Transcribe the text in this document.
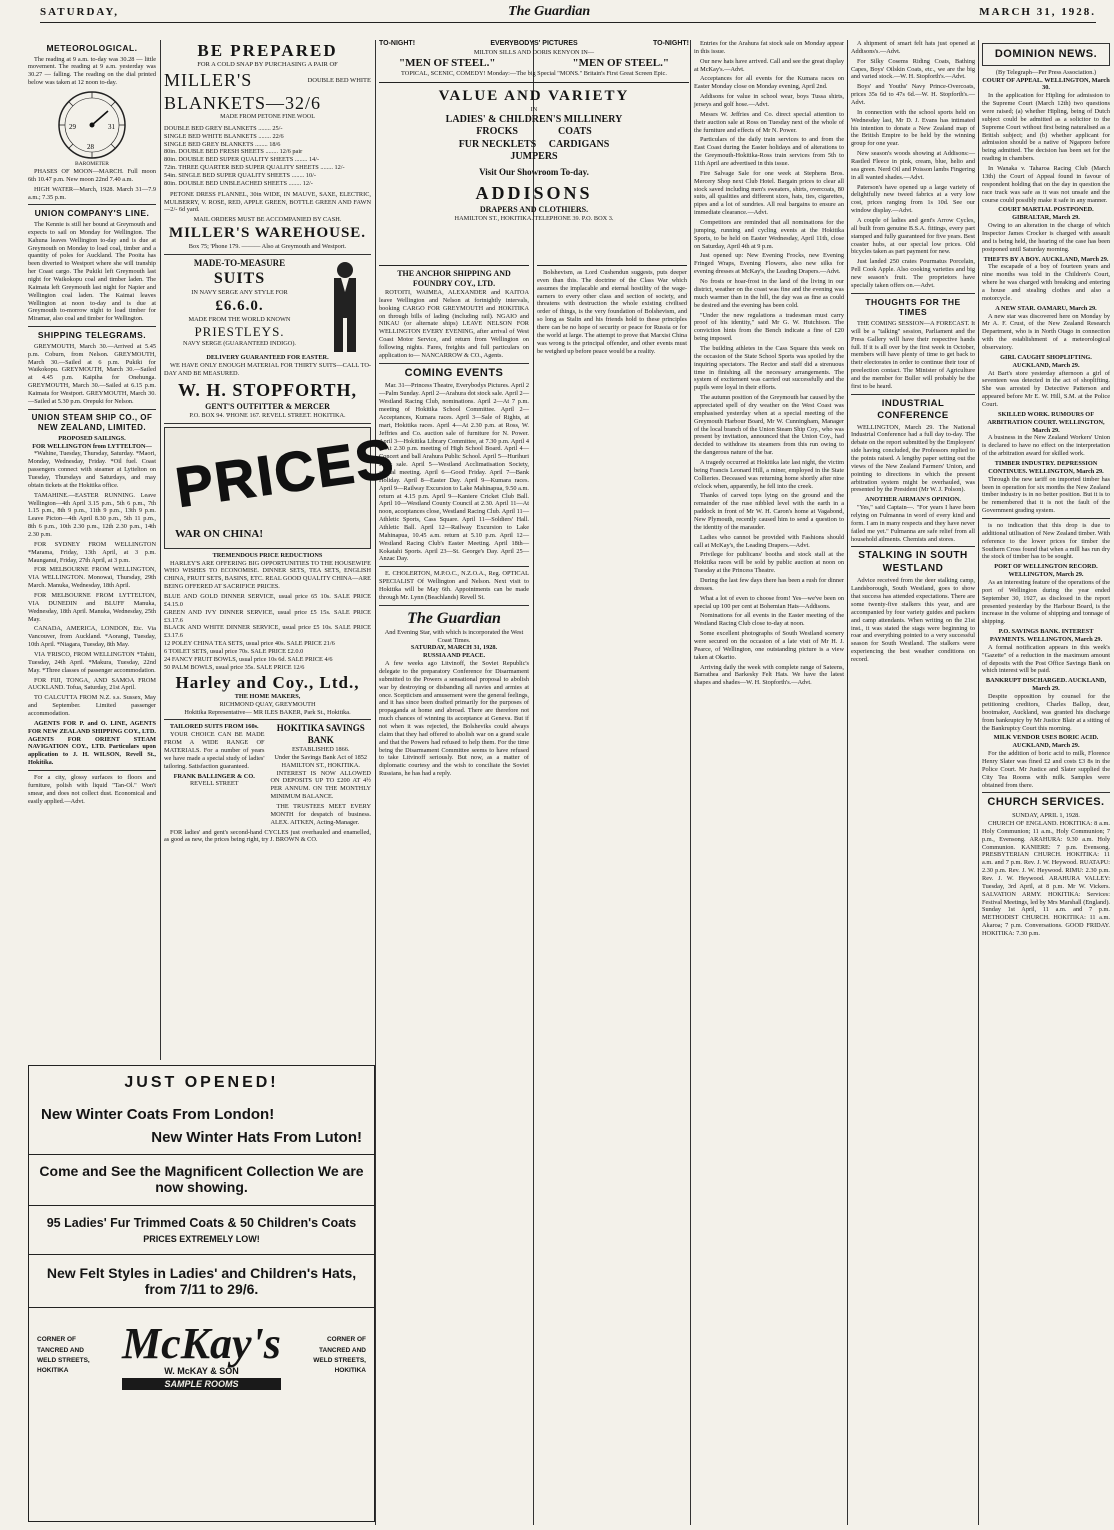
SATURDAY,	The Guardian	MARCH 31, 1928.
METEOROLOGICAL.

The reading at 9 a.m. to-day was 30.28 — little movement. The reading at 9 a.m. yesterday was 30.27 — falling. The reading on the dial printed below was taken at 12 noon to-day.

29	31
28
BAROMETER

PHASES OF MOON—MARCH. Full moon 6th 10.47 p.m. New moon 22nd 7.40 a.m.

HIGH WATER—March, 1928. March 31—7.9 a.m.; 7.35 p.m.

UNION COMPANY'S LINE.

The Kennie is still her bound at Greymouth and expects to sail on Monday for Wellington. The Kahuna leaves Wellington to-day and is due at Greymouth on Monday to load coal, timber and a quantity of poles for Auckland. The Pooita has been diverted to Westport where she will tranship her Coast cargo. The Pukiki left Greymouth last night for Waikokopu coal and timber laden. The Kaimata left Greymouth last night for Napier and Wellington coal laden. The Kaimai leaves Wellington at noon to-day and is due at Greymouth to-morrow night to load timber for Miramar, also coal and timber for Wellington.

SHIPPING TELEGRAMS.

GREYMOUTH, March 30.—Arrived at 5.45 p.m. Coburn, from Nelson. GREYMOUTH, March 30.—Sailed at 6 p.m. Pukiki for Waikokopu. GREYMOUTH, March 30.—Sailed at 4.45 p.m. Kaipiha for Onehunga. GREYMOUTH, March 30.—Sailed at 6.15 p.m. Kaimata for Westport. GREYMOUTH, March 30.—Sailed at 5.30 p.m. Orepuki for Nelson.

UNION STEAM SHIP CO., OF NEW ZEALAND, LIMITED.
PROPOSED SAILINGS.
FOR WELLINGTON from LYTTELTON—

*Wahine, Tuesday, Thursday, Saturday. *Maori, Monday, Wednesday, Friday. *Oil fuel. Coast passengers connect with steamer at Lyttelton on Tuesday, Thursdays and Saturdays, and may obtain tickets at the Hokitika office.

TAMAHINE.—EASTER RUNNING. Leave Wellington—4th April 3.15 p.m., 5th 6 p.m., 7th 1.15 p.m., 8th 9 p.m., 11th 9 p.m., 13th 9 p.m. Leave Picton—4th April 8.30 p.m., 5th 11 p.m., 8th 6 p.m., 10th 2.30 p.m., 12th 2.30 p.m., 14th 2.30 p.m.

FOR SYDNEY FROM WELLINGTON *Marama, Friday, 13th April, at 3 p.m. Maunganui, Friday, 27th April, at 3 p.m.

FOR MELBOURNE FROM WELLINGTON, VIA WELLINGTON. Monowai, Thursday, 29th March. Manuka, Wednesday, 18th April.

FOR MELBOURNE FROM LYTTELTON, VIA DUNEDIN and BLUFF Manuka, Wednesday, 18th April. Manuka, Wednesday, 25th May.

CANADA, AMERICA, LONDON, Etc. Via Vancouver, from Auckland. *Aorangi, Tuesday, 10th April. *Niagara, Tuesday, 8th May.

VIA 'FRISCO, FROM WELLINGTON *Tahiti, Tuesday, 24th April. *Makura, Tuesday, 22nd May. *Three classes of passenger accommodation.

FOR FIJI, TONGA, AND SAMOA FROM AUCKLAND. Tofua, Saturday, 21st April.

TO CALCUTTA FROM N.Z. s.s. Sussex, May and September. Limited passenger accommodation.

AGENTS FOR P. and O. LINE, AGENTS FOR NEW ZEALAND SHIPPING COY., LTD. AGENTS FOR ORIENT STEAM NAVIGATION COY., LTD. Particulars upon application to J. H. WILSON, Revell St., Hokitika.

For a city, glossy surfaces to floors and furniture, polish with liquid "Tan-Ol." Won't smear, and does not collect dust. Economical and easily applied.—Advt.

BE PREPARED
FOR A COLD SNAP BY PURCHASING A PAIR OF
MILLER'S	DOUBLE BED WHITE
BLANKETS—32/6
MADE FROM PETONE FINE WOOL
DOUBLE BED GREY BLANKETS ........ 25/-
SINGLE BED WHITE BLANKETS ........ 22/6
SINGLE BED GREY BLANKETS ........ 18/6
80in. DOUBLE BED FRESH SHEETS ........ 12/6 pair
80in. DOUBLE BED SUPER QUALITY SHEETS ........ 14/-
72in. THREE QUARTER BED SUPER QUALITY SHEETS ........ 12/-
54in. SINGLE BED SUPER QUALITY SHEETS ........ 10/-
80in. DOUBLE BED UNBLEACHED SHEETS ........ 12/-

PETONE DRESS FLANNEL, 30in WIDE, IN MAUVE, SAXE, ELECTRIC, MULBERRY, V. ROSE, RED, APPLE GREEN, BOTTLE GREEN AND FAWN—2/- 6d yard.

MAIL ORDERS MUST BE ACCOMPANIED BY CASH.
MILLER'S WAREHOUSE.
Box 75; 'Phone 179. ——— Also at Greymouth and Westport.
MADE-TO-MEASURE
SUITS
IN NAVY SERGE ANY STYLE FOR
£6.6.0.
MADE FROM THE WORLD KNOWN
PRIESTLEYS.
NAVY SERGE (GUARANTEED INDIGO).
DELIVERY GUARANTEED FOR EASTER.

WE HAVE ONLY ENOUGH MATERIAL FOR THIRTY SUITS—CALL TO-DAY AND BE MEASURED.

W. H. STOPFORTH,
GENT'S OUTFITTER & MERCER
P.O. BOX 94. 'PHONE 167. REVELL STREET. HOKITIKA.
PRICES
WAR ON CHINA!
TREMENDOUS PRICE REDUCTIONS

HARLEY'S ARE OFFERING BIG OPPORTUNITIES TO THE HOUSEWIFE WHO WISHES TO ECONOMISE. DINNER SETS, TEA SETS, ENGLISH CHINA, FRUIT SETS, BASINS, ETC. REAL GOOD QUALITY CHINA—ARE BEING OFFERED AT SACRIFICE PRICES.

BLUE AND GOLD DINNER SERVICE, usual price 65 10s. SALE PRICE £4.15.0
GREEN AND IVY DINNER SERVICE, usual price £5 15s. SALE PRICE £3.17.6
BLACK AND WHITE DINNER SERVICE, usual price £5 10s. SALE PRICE £3.17.6
12 POLEY CHINA TEA SETS, usual price 40s. SALE PRICE 21/6
6 TOILET SETS, usual price 70s. SALE PRICE £2.0.0
24 FANCY FRUIT BOWLS, usual price 10s 6d. SALE PRICE 4/6
50 PALM BOWLS, usual price 35s. SALE PRICE 12/6
Harley and Coy., Ltd.,
THE HOME MAKERS,
RICHMOND QUAY, GREYMOUTH
Hokitika Representative— MR ILES BAKER, Park St., Hokitika.
TAILORED SUITS FROM 160s.

YOUR CHOICE CAN BE MADE FROM A WIDE RANGE OF MATERIALS. For a number of years we have made a special study of ladies' tailoring. Satisfaction guaranteed.

FRANK BALLINGER & CO.
REVELL STREET
HOKITIKA SAVINGS BANK
ESTABLISHED 1866.
Under the Savings Bank Act of 1852 HAMILTON ST., HOKITIKA.

INTEREST IS NOW ALLOWED ON DEPOSITS UP TO £200 AT 4½ PER ANNUM. ON THE MONTHLY MINIMUM BALANCE.

THE TRUSTEES MEET EVERY MONTH for despatch of business. ALEX. AITKEN, Acting-Manager.

FOR ladies' and gent's second-hand CYCLES just overhauled and enamelled, as good as new, the prices being right, try J. BROWN & CO.

JUST OPENED!
New Winter Coats From London!
New Winter Hats From Luton!
Come and See the Magnificent Collection We are now showing.
95 Ladies' Fur Trimmed Coats & 50 Children's Coats
PRICES EXTREMELY LOW!
New Felt Styles in Ladies' and Children's Hats, from 7/11 to 29/6.
CORNER OF TANCRED AND WELD STREETS, HOKITIKA
McKay's
W. McKAY & SON
SAMPLE ROOMS
CORNER OF TANCRED AND WELD STREETS, HOKITIKA
TO-NIGHT!	EVERYBODYS' PICTURES	TO-NIGHT!
MILTON SILLS AND DORIS KENYON IN—
"MEN OF STEEL."	"MEN OF STEEL."
TOPICAL, SCENIC, COMEDY! Monday:—The big Special "MONS." Britain's First Great Screen Epic.
VALUE AND VARIETY
IN
LADIES' & CHILDREN'S MILLINERY
FROCKS                COATS
FUR NECKLETS     CARDIGANS
JUMPERS
Visit Our Showroom To-day.
ADDISONS
DRAPERS AND CLOTHIERS.
HAMILTON ST., HOKITIKA. TELEPHONE 39. P.O. BOX 3.
THE ANCHOR SHIPPING AND FOUNDRY COY., LTD.

ROTOITI, WAIMEA, ALEXANDER and KAITOA leave Wellington and Nelson at fortnightly intervals, booking CARGO FOR GREYMOUTH and HOKITIKA on through bills of lading (including rail). NGAIO and NIKAU (or alternate ships) LEAVE NELSON FOR WELLINGTON EVERY EVENING, after arrival of West Coast Motor Service, and return from Wellington on following nights. Fares, freights and full particulars on application to— NANCARROW & CO., Agents.

COMING EVENTS

Mar. 31—Princess Theatre, Everybodys Pictures. April 2—Palm Sunday. April 2—Arahura dot stock sale. April 2—Westland Racing Club, nominations. April 2—At 7 p.m. meeting of Hokitika School Committee. April 2—Acceptances, Kumara races. April 3—Sale of Rights, at mart, Hokitika races. April 4—At 2.30 p.m. at Ross, W. Jeffries and Co. auction sale of furniture for N. Power. April 3—Hokitika Library Committee, at 7.30 p.m. April 4—At 2.30 p.m. meeting of High School Board. April 4—Concert and ball Arahura Public School. April 5—Hurihuri stock sale. April 5—Westland Acclimatisation Society, annual meeting. April 6—Good Friday. April 7—Bank Holiday. April 8—Easter Day. April 9—Kumara races. April 9—Railway Excursion to Lake Mahinapua, 9.50 a.m. return at 4.15 p.m. April 9—Kaniere Cricket Club Ball. April 10—Westland County Council at 2.30. April 11—At noon, acceptances close, Westland Racing Club. April 11—Athletic Sports, Cass Square. April 11—Soldiers' Hall. Athletic Ball. April 12—Railway Excursion to Lake Mahinapua, 10.45 a.m. return at 5.10 p.m. April 12—Westland Racing Club's Easter Meeting. April 18th—Kokatahi Sports. April 23—St. George's Day. April 25—Anzac Day.

E. CHOLERTON, M.P.O.C., N.Z.O.A., Reg. OPTICAL SPECIALIST Of Wellington and Nelson. Next visit to Hokitika will be May 6th. Appointments can be made through Mr. Lynn (Beachlands) Revell St.

The Guardian
And Evening Star, with which is incorporated the West Coast Times.
SATURDAY, MARCH 31, 1928.
RUSSIA AND PEACE.

A few weeks ago Litvinoff, the Soviet Republic's delegate to the preparatory Conference for Disarmament submitted to the Powers a sensational proposal to abolish war by destroying or disbanding all navies and armies at once. Scepticism and amusement were the general feelings, and it has since been drafted primarily for the purposes of propaganda at home and abroad. There are therefore not much chances of winning its acceptance at Geneva. But if not when it was rejected, the Bolsheviks could always claim that they had offered to abolish war on a grand scale and that the Powers had refused to help them. For the time being the Disarmament Committee seems to have refused to take Litvinoff seriously. But now, as a matter of diplomatic courtesy and the wish to conciliate the Soviet Russians, he has had a reply.

Bolshevism, as Lord Cushendun suggests, puts deeper even than this. The doctrine of the Class War which assumes the implacable and eternal hostility of the wage-earners to every other class and section of society, and threatens with destruction the whole existing civilised order of things, is the very foundation of Bolshevism, and so long as Stalin and his friends hold to these principles there can be no hope of security or peace for Russia or for the world at large. The attempt to prove that Marxist China was wrong is the principal offender, and other events must be weighed up before peace would be a reality.

Entries for the Arahura fat stock sale on Monday appear in this issue.

Our new hats have arrived. Call and see the great display at McKay's.—Advt.

Acceptances for all events for the Kumara races on Easter Monday close on Monday evening, April 2nd.

Addisons for value in school wear, boys Tussa shirts, jerseys and golf hose.—Advt.

Messrs W. Jeffries and Co. direct special attention to their auction sale at Ross on Tuesday next of the whole of the furniture and effects of Mr N. Power.

Particulars of the daily train services to and from the East Coast during the Easter holidays and of alterations to the Greymouth-Hokitika-Ross train services from 5th to 11th April are advertised in this issue.

Fire Salvage Sale for one week at Stephens Bros. Mercery Shop next Club Hotel. Bargain prices to clear all stock saved including men's sweaters, shirts, overcoats, 80 suits, all qualities and different sizes, hats, ties, cigarettes, pipes and a lot of sundries. All real bargains to ensure an immediate clearance.—Advt.

Competitors are reminded that all nominations for the jumping, running and cycling events at the Hokitika Sports, to be held on Easter Wednesday, April 11th, close on Saturday, April 4th at 9 p.m.

Just opened up: New Evening Frocks, new Evening Fringed Wraps, Evening Flowers, also new silks for evening dresses at McKay's, the Leading Drapers.—Advt.

No frosts or hoar-frost in the land of the living in our district, weather on the coast was fine and the evening was much warmer than in the hill, the day was as fine as could be desired and the evening has been cold.

"Under the new regulations a tradesman must carry proof of his identity," said Mr G. W. Hutchison. The conviction hints from the Bench indicate a fine of £20 being imposed.

The building athletes in the Cass Square this week on the occasion of the State School Sports was spoiled by the inquiring spectators. The Rector and staff did a strenuous time in finishing all the necessary arrangements. The system of excitement was carried out successfully and the pupils were loyal in their efforts.

The autumn position of the Greymouth bar caused by the appreciated spell of dry weather on the West Coast was emphasised yesterday when at a special meeting of the Greymouth Harbour Board, Mr W. Cunningham, Manager of the local branch of the Union Steam Ship Coy., who was present by invitation, announced that the Union Coy., had decided to withdraw its steamers from this run owing to the dangerous nature of the bar.

A tragedy occurred at Hokitika late last night, the victim being Francis Leonard Hill, a miner, employed in the State Collieries. Deceased was returning home shortly after nine o'clock when, apparently, he fell into the creek.

Thanks of carved tops lying on the ground and the remainder of the ruse nibbled level with the earth in a paddock in front of Mr W. H. Caron's home at Vagabond, New Plymouth, recently caused him to send a question to the identity of the marauder.

Ladies who cannot be provided with Fashions should call at McKay's, the Leading Drapers.—Advt.

Privilege for publicans' booths and stock stall at the Hokitika races will be sold by public auction at noon on Tuesday at the Princess Theatre.

During the last few days there has been a rush for dinner dresses.

What a lot of even to choose from! Yes—we've been on special up 100 per cent at Bohemian Hats—Addisons.

Nominations for all events in the Easter meeting of the Westland Racing Club close to-day at noon.

Some excellent photographs of South Westland scenery were secured on the occasion of a late visit of Mr H. J. Pearce, of Wellington, one outstanding picture is a view taken at Okarito.

Arriving daily the week with complete range of Sateens, Barrathea and Barkesky Felt Hats. We have the latest shapes and shades—W. H. Stopforth's.—Advt.

A shipment of smart felt hats just opened at Addisons's.—Advt.

For Silky Cosems Riding Coats, Bathing Capes, Boys' Oilskin Coats, etc., we are the big and varied stock.—W. H. Stopforth's.—Advt.

Boys' and Youths' Navy Prince-Overcoats, prices 35s 6d to 47s 6d.—W. H. Stopforth's.—Advt.

In connection with the school sports held on Wednesday last, Mr D. J. Evans has intimated his intention to donate a New Zealand map of the British Empire to be held by the winning group for one year.

New season's woods showing at Addisons:—Rastled Fleece in pink, cream, blue, helio and sea green. Nerd Oil and Poisson lambs Fingering in all wanted shades.—Advt.

Paterson's have opened up a large variety of delightfully new tweed fabrics at a very low cost, prices ranging from 1s 10d. See our window display.—Advt.

A couple of ladies and gent's Arrow Cycles, all built from genuine B.S.A. fittings, every part stamped and fully guaranteed for five years. Best coaster hubs, at our special low prices. Old bicycles taken as part payment for new.

Just landed 250 crates Pourmatus Porcelain, Pell Cook Apple. Also cooking varieties and big new season's fruit. The proprietors have specially taken offers on.—Advt.

THOUGHTS FOR THE TIMES

THE COMING SESSION—A FORECAST. It will be a "talking" session, Parliament and the Press Gallery will have their respective hands full. If it is all over by the first week in October, members will have plenty of time to get back to their electorates in order to continue their tour of preelection contact. The Minister of Agriculture and the member for Buller will probably be the first to be heard.

INDUSTRIAL CONFERENCE

WELLINGTON, March 29. The National Industrial Conference had a full day to-day. The debate on the report submitted by the Employers' side having concluded, the Professors replied to the points raised. A lengthy paper setting out the views of the New Zealand Farmers' Union, and pointing to directions in which the present arbitration system might be overhauled, was presented by the President (Mr W. J. Polson).

ANOTHER AIRMAN'S OPINION.

"Yes," said Captain—. "For years I have been relying on Fulmanna in word of every kind and form. I am in many respects and they have never failed me yet." Fulmanna are safe relief from all household ailments. Chemists and stores.

STALKING IN SOUTH WESTLAND

Advice received from the deer stalking camp, Landsborough, South Westland, goes to show that success has attended expectations. There are some twenty-five stalkers this year, and are accompanied by four variety guides and packers and camp attendants. When writing on the 21st inst., it was stated the stags were beginning to roar and everything pointed to a very successful season for South Westland. The stalkers were experiencing the best weather conditions on record.

DOMINION NEWS.
(By Telegraph—Per Press Association.)
COURT OF APPEAL. WELLINGTON, March 30.

In the application for Hipling for admission to the Supreme Court (March 12th) two questions were raised; (a) whether Hipling, being of Dutch subject could be admitted as a solicitor to the Supreme Court without first being naturalised as a British subject; and (b) whether applicant for admission should be a native of Ngaporo before being admitted. The decision has been set for the reading in chambers.

In Wanaka v. Taharoa Racing Club (March 13th) the Court of Appeal found in favour of respondent holding that on the day in question the race track was safe as it was not unsafe and the course could possibly make it safe in any manner.

COURT MARTIAL POSTPONED. GIBRALTAR, March 29.

Owing to an alteration in the charge of which Inspector James Crocker is charged with assault and is being held, the hearing of the case has been postponed until Saturday morning.

THEFTS BY A BOY. AUCKLAND, March 29.

The escapade of a boy of fourteen years and nine months was told in the Children's Court, where he was charged with breaking and entering a house and stealing clothes and also a motorcycle.

A NEW STAR. OAMARU, March 29.

A new star was discovered here on Monday by Mr A. F. Crust, of the New Zealand Research Department, who is in North Otago in connection with the establishment of a meteorological observatory.

GIRL CAUGHT SHOPLIFTING. AUCKLAND, March 29.

At Bart's store yesterday afternoon a girl of seventeen was detected in the act of shoplifting. She was arrested by Detective Patterson and appeared before Mr E. W. Hill, S.M. at the Police Court.

SKILLED WORK. RUMOURS OF ARBITRATION COURT. WELLINGTON, March 29.

A business in the New Zealand Workers' Union is declared to have no effect on the interpretation of the arbitration award for skilled work.

TIMBER INDUSTRY. DEPRESSION CONTINUES. WELLINGTON, March 29.

Through the new tariff on imported timber has been in operation for six months the New Zealand timber industry is in no better position. But it is to be remembered that it is not the fault of the Government grading system.

is no indication that this drop is due to additional utilisation of New Zealand timber. With reference to the lower prices for timber the Southern Cross found that when a mill has run dry the stock of timber has to be sought.

PORT OF WELLINGTON RECORD. WELLINGTON, March 29.

As an interesting feature of the operations of the port of Wellington during the year ended September 30, 1927, as disclosed in the report presented yesterday by the Harbour Board, is the increase in the volume of shipping and tonnage of shipping.

P.O. SAVINGS BANK. INTEREST PAYMENTS. WELLINGTON, March 29.

A formal notification appears in this week's "Gazette" of a reduction in the maximum amount of deposits with the Post Office Savings Bank on which interest will be paid.

BANKRUPT DISCHARGED. AUCKLAND, March 29.

Despite opposition by counsel for the petitioning creditors, Charles Ballop, dear, bootmaker, Auckland, was granted his discharge from bankruptcy by Mr Justice Blair at a sitting of the Bankruptcy Court this morning.

MILK VENDOR USES BORIC ACID. AUCKLAND, March 29.

For the addition of boric acid to milk, Florence Henry Slater was fined £2 and costs £3 8s in the Police Court. Mr Justice and Slater supplied the City Tea Rooms with milk. Samples were obtained from there.

CHURCH SERVICES.
SUNDAY, APRIL 1, 1928.

CHURCH OF ENGLAND. HOKITIKA: 8 a.m. Holy Communion; 11 a.m., Holy Communion; 7 p.m., Evensong. ARAHURA: 9.30 a.m. Holy Communion. KANIERE: 7 p.m. Evensong. PRESBYTERIAN CHURCH. HOKITIKA: 11 a.m. and 7 p.m. Rev. J. W. Heywood. RUATAPU: 2.30 p.m. Rev. J. W. Heywood. RIMU: 2.30 p.m. Rev. J. W. Heywood. ARAHURA VALLEY: Tuesday, 3rd April, at 8 p.m. Mr W. Vickers. SALVATION ARMY. HOKITIKA: Services: Festival Meetings, led by Mrs Marshall (England). Sunday 1st April, 11 a.m. and 7 p.m. METHODIST CHURCH. HOKITIKA: 11 a.m. Akaroa; 7 p.m. Conversations. GOOD FRIDAY. HOKITIKA: 7.30 p.m.
